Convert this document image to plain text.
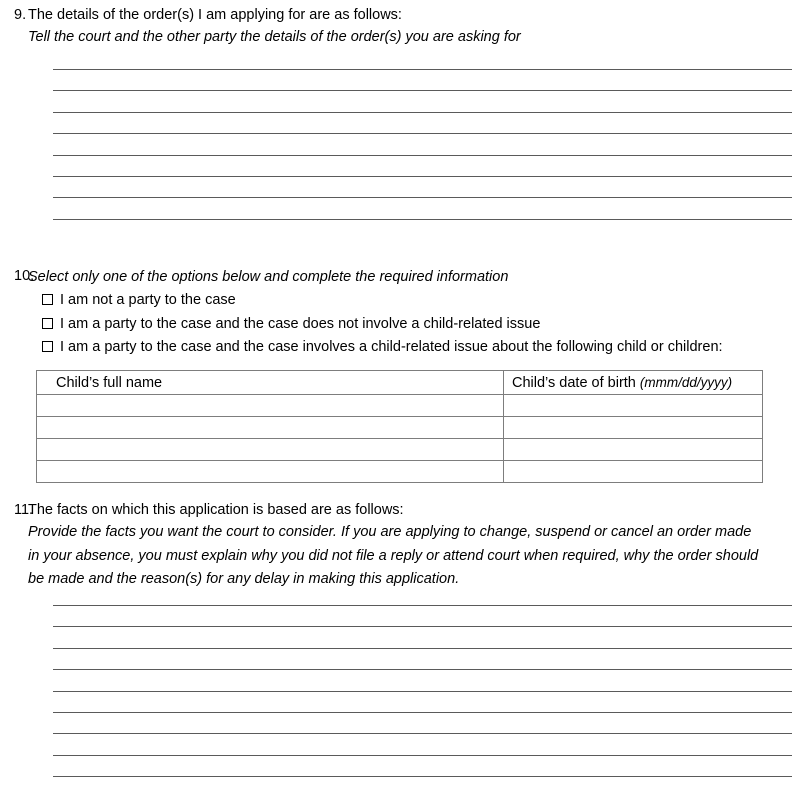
9. The details of the order(s) I am applying for are as follows:
Tell the court and the other party the details of the order(s) you are asking for
10.
Select only one of the options below and complete the required information
I am not a party to the case
I am a party to the case and the case does not involve a child-related issue
I am a party to the case and the case involves a child-related issue about the following child or children:
Child’s full name	Child’s date of birth (mmm/dd/yyyy)

11.
The facts on which this application is based are as follows:
Provide the facts you want the court to consider. If you are applying to change, suspend or cancel an order made in your absence, you must explain why you did not file a reply or attend court when required, why the order should be made and the reason(s) for any delay in making this application.
